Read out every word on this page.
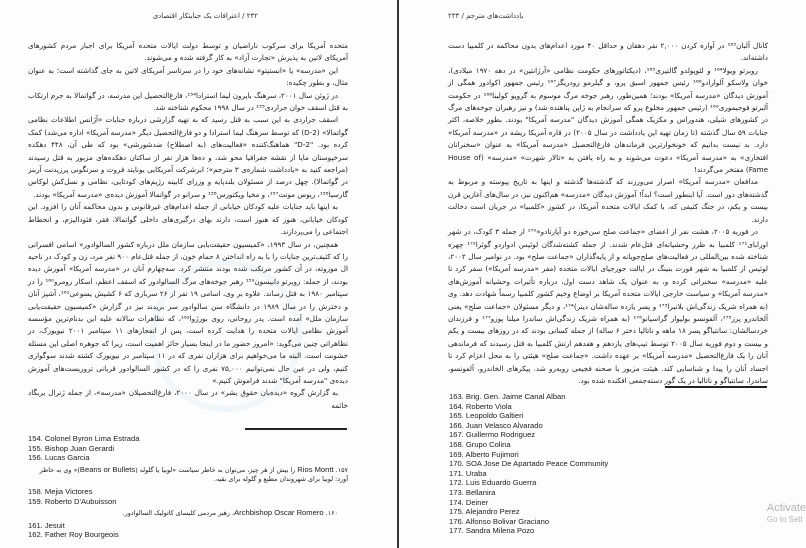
۲۳۲ / اعترافات یک جنایتکار اقتصادی

متحده آمریکا برای سرکوب ناراضیان و توسط دولت ایالات متحده آمریکا برای اجبار مردم کشورهای آمریکای لاتین به پذیرش «تجارت آزاد» به کار گرفته شده و می‌شوند.

این «مدرسه» یا «انستیتو» نشانه‌های خود را در سرتاسر آمریکای لاتین به جای گذاشته است؛ به عنوان مثال، و بطور چکیده:

در ژوئن سال ۲۰۰۱، سرهنگ بایرون لیما استرادا¹⁵⁴، فارغ‌التحصیل این مدرسه، در گواتمالا به جرم ارتکاب به قتل اسقف خوان جراردی¹⁵⁵ در سال ۱۹۹۸ محکوم شناخته شد.

اسقف جراردی به این سبب به قتل رسید که به تهیه گزارشی درباره جنایات «آژانس اطلاعات نظامی گواتمالا» (D-2) که توسط سرهنگ لیما استرادا و دو فارغ‌التحصیل دیگر «مدرسه آمریکا» اداره می‌شد) کمک کرده بود. "D-2" هماهنگ‌کننده «فعالیت‌های (به اصطلاح) ضدشورشی» بود که طی آن، ۴۴۸ دهکده سرخپوستان مایا از نقشه جغرافیا محو شد، و ده‌ها هزار نفر از ساکنان دهکده‌های مزبور به قتل رسیدند (مراجعه کنید به «یادداشت شماره‌ی ۳ مترجم»؛ ابرشرکت آمریکایی یونایتد فروت و سرنگونی پرزیدنت آربنز در گواتمالا). چهل درصد از مسئولان بلندپایه و وزرای کابینه رژیم‌های کودتایی، نظامی و نسل‌کش لوکاس گارسیا¹⁵⁶، ریوس مونت¹⁵⁷، و مخیا ویکتورس¹⁵⁸ و سرانو در گواتمالا آموزش دیده‌ی «مدرسه آمریکا» بودند.

به اینها باید جنایات علیه کودکان خیابانی از جمله اعدام‌های غیرقانونی و بدون محاکمه آنان را افزود. این کودکان خیابانی، هنوز که هنوز است، دارند بهای درگیری‌های داخلی گواتمالا، فقر، فئودالیزم، و انحطاط اجتماعی را می‌پردازند.

همچنین، در سال ۱۹۹۳، «کمیسیون حقیقت‌یابی سازمان ملل درباره کشور السالوادور» اسامی افسرانی را که کثیف‌ترین جنایات را با به راه انداختن ۸ حمام خون، از جمله قتل‌عام ۹۰۰ نفر مرد، زن و کودک در ناحیه ال موزوته، در آن کشور مرتکب شده بودند منتشر کرد. سه‌چهارم آنان در «مدرسه آمریکا» آموزش دیده بودند، از جمله: روبرتو دابیسون¹⁵⁹ رهبر جوخه‌های مرگ السالوادور که اسقف اعظم، اسکار رومرو¹⁶⁰ را در سپتامبر ۱۹۸۰ به قتل رساند. علاوه بر وی، اسامی ۱۹ نفر از ۲۶ سربازی که ۶ کشیش یسوعی¹⁶¹، آشپز آنان و دخترش را در سال ۱۹۸۹ در دانشگاه سن سالوادور سر بریدند نیز در گزارش «کمیسیون حقیقت‌یابی سازمان ملل» آمده است. پدر روحانی، روی بورژوا¹⁶²، که تظاهرات سالانه علیه این بدنام‌ترین مؤسسه آموزش نظامی ایالات متحده را هدایت کرده است، پس از انفجارهای ۱۱ سپتامبر ۲۰۰۱ نیویورک، در تظاهراتی چنین می‌گوید: «امروز حضور ما در اینجا بسیار حائز اهمیت است، زیرا که جوهره اصلی این مسئله خشونت است. البته ما می‌خواهیم برای هزاران نفری که در ۱۱ سپتامبر در نیویورک کشته شدند سوگواری کنیم، ولی در عین حال نمی‌توانیم ۷۵,۰۰۰ نفری را که در کشور السالوادور قربانی تروریست‌های آموزش دیده‌ی "مدرسه آمریکا" شدند فراموش کنیم.»

به گزارش گروه «دیده‌بان حقوق بشر» در سال ۲۰۰۰، فارغ‌التحصیلان «مدرسه»، از جمله ژنرال بریگاد خائمه

154. Colonel Byron Lima Estrada
155. Bishop Juan Gerardi
156. Lucas Garcia
۱۵۷. Rios Montt را بیش از هر چیز، می‌توان به خاطر سیاست «لوبیا یا گلوله (Beans or Bullets)» وی به خاطر آورد: لوبیا برای شهروندان مطیع و گلوله برای بقیه.
158. Mejia Victores
159. Roberto D'Aubuisson
۱۶۰. Archbishop Oscar Romero، رهبر مردمی کلیسای کاتولیک السالوادور.
161. Jesuit
162. Father Roy Bourgeois
یادداشت‌های مترجم / ۲۳۳

کانال آلبان¹⁶³ در آواره کردن ۲,۰۰۰ نفر دهقان و حداقل ۴۰ مورد اعدام‌های بدون محاکمه در کلمبیا دست داشته‌اند.

روبرتو ویولا¹⁶⁴ و لئوپولدو گالتیری¹⁶⁵، (دیکتاتورهای حکومت نظامی «آرژانتین» در دهه ۱۹۷۰ میلادی)، خوان ولاسکو آلوارادو¹⁶⁶ رئیس جمهور اسبق پرو، و گیلرمو رودریگز¹⁶⁷ رئیس جمهور اکوادور همگی از آموزش دیدگان «مدرسه آمریکا» بودند؛ همین‌طور، رهبر جوخه مرگ موسوم به گروپو کولینا¹⁶⁸ در حکومت آلبرتو فوجیموری¹⁶⁹ (رئیس جمهور مخلوع پرو که سرانجام به ژاپن پناهنده شد) و نیز رهبران جوخه‌های مرگ در کشورهای شیلی، هندوراس و مکزیک همگی آموزش دیدگان "مدرسه آمریکا" بودند. بطور خلاصه، اکثر جنایات ۵۹ سال گذشته (تا زمان تهیه این یادداشت در سال ۲۰۰۵) در قاره آمریکا ریشه در «مدرسه آمریکا» دارد. بد نیست بدانیم که خونخوارترین فرماندهان فارغ‌التحصیل «مدرسه آمریکا» به عنوان «سخنرانان افتخاری» به «مدرسه آمریکا» دعوت می‌شوند و به راه یافتن به «تالار شهرت» «مدرسه» (House of Fame) مفتخر می‌گردند!

مدافعان «مدرسه آمریکا» اصرار می‌ورزند که گذشته‌ها گذشته و اینها به تاریخ پیوسته و مربوط به گذشته‌های دور است. آیا اینطور است؟ ابداً! آموزش دیدگان «مدرسه» هم‌اکنون نیز، در سال‌های آغازین قرن بیست و یکم، در جنگ کثیفی که، با کمک ایالات متحده آمریکا، در کشور «کلمبیا» در جریان است دخالت دارند.

در فوریه ۲۰۰۵، هشت نفر از اعضای «جماعت صلح سن‌خوزه دو آپارتادو»¹⁷⁰ از جمله ۳ کودک، در شهر اورابای¹⁷¹ کلمبیا به طرز وحشیانه‌ای قتل‌عام شدند. از جمله کشته‌شدگان لوئیس ادواردو گوئرا¹⁷² چهره شناخته شده بین‌المللی در فعالیت‌های صلح‌جویانه و از پایه‌گذاران «جماعت صلح» بود. در نوامبر سال ۲۰۰۲، لوئیس از کلمبیا به شهر فورت بنینگ در ایالت جورجیای ایالات متحده (مقر «مدرسه آمریکا») سفر کرد تا علیه «مدرسه» سخنرانی کرده و، به عنوان یک شاهد دست اول، درباره تأثیرات وحشیانه آموزش‌های «مدرسه آمریکا» و سیاست خارجی ایالات متحده آمریکا بر اوضاع وخیم کشور کلمبیا رسماً شهادت دهد. وی (به همراه شریک زندگی‌اش بلانیرا¹⁷³ و پسر یازده ساله‌شان دینر)¹⁷⁴، و دیگر مسئولان «جماعت صلح» یعنی آلخاندرو پرز¹⁷⁵، آلفونسو بولیوار گراسیانو¹⁷⁶ (به همراه شریک زندگی‌اش ساندرا میلنا پوزو¹⁷⁷ و فرزندان خردسالشان: سانتیاگو پسر ۱۸ ماهه و ناتالیا دختر ۶ ساله) از جمله کسانی بودند که در روزهای بیست و یکم و بیست و دوم فوریه سال ۲۰۰۵ توسط تیپ‌های یازدهم و هفدهم ارتش کلمبیا به قتل رسیدند که فرماندهی آنان را یک فارغ‌التحصیل «مدرسه آمریکا» بر عهده داشت. «جماعت صلح» هیئتی را به محل اعزام کرد تا اجساد آنان را پیدا و شناسایی کند. هیئت مزبور با صحنه فجیعی روبه‌رو شد. پیکرهای الخاندرو، آلفونسو، ساندرا، سانتیاگو و ناتالیا در یک گور دسته‌جمعی افکنده شده بود.

163. Brig. Gen. Jaime Canal Alban
164. Roberto Viola
165. Leopoldo Galtieri
166. Juan Velasco Alvarado
167. Guillermo Rodriguez
168. Grupo Colina
169. Alberto Fujimori
170. SOA Jose De Apartado Peace Community
171. Uraba
172. Luis Eduardo Guerra
173. Bellanira
174. Deiner
175. Alejandro Perez
176. Alfonso Bolivar Graciano
177. Sandra Milena Pozo
Activate
Go to Sett
